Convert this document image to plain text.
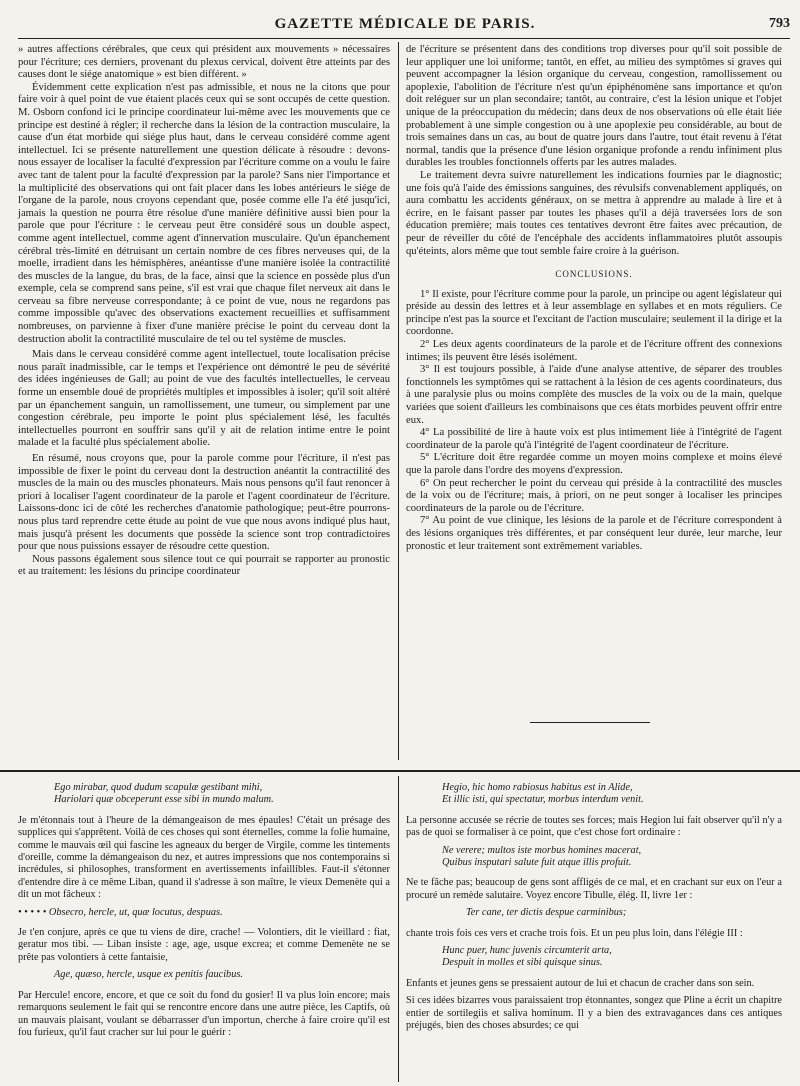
GAZETTE MÉDICALE DE PARIS.	793

» autres affections cérébrales, que ceux qui président aux mouvements » nécessaires pour l'écriture; ces derniers, provenant du plexus cervical, doivent être atteints par des causes dont le siége anatomique » est bien différent. »

Évidemment cette explication n'est pas admissible, et nous ne la citons que pour faire voir à quel point de vue étaient placés ceux qui se sont occupés de cette question. M. Osborn confond ici le principe coordinateur lui-même avec les mouvements que ce principe est destiné à régler; il recherche dans la lésion de la contraction musculaire, la cause d'un état morbide qui siége plus haut, dans le cerveau considéré comme agent intellectuel. Ici se présente naturellement une question délicate à résoudre : devons-nous essayer de localiser la faculté d'expression par l'écriture comme on a voulu le faire avec tant de talent pour la faculté d'expression par la parole? Sans nier l'importance et la multiplicité des observations qui ont fait placer dans les lobes antérieurs le siége de l'organe de la parole, nous croyons cependant que, posée comme elle l'a été jusqu'ici, jamais la question ne pourra être résolue d'une manière définitive aussi bien pour la parole que pour l'écriture : le cerveau peut être considéré sous un double aspect, comme agent intellectuel, comme agent d'innervation musculaire. Qu'un épanchement cérébral très-limité en détruisant un certain nombre de ces fibres nerveuses qui, de la moelle, irradient dans les hémisphères, anéantisse d'une manière isolée la contractilité des muscles de la langue, du bras, de la face, ainsi que la science en possède plus d'un exemple, cela se comprend sans peine, s'il est vrai que chaque filet nerveux ait dans le cerveau sa fibre nerveuse correspondante; à ce point de vue, nous ne regardons pas comme impossible qu'avec des observations exactement recueillies et suffisamment nombreuses, on parvienne à fixer d'une manière précise le point du cerveau dont la destruction abolit la contractilité musculaire de tel ou tel système de muscles.

Mais dans le cerveau considéré comme agent intellectuel, toute localisation précise nous paraît inadmissible, car le temps et l'expérience ont démontré le peu de sévérité des idées ingénieuses de Gall; au point de vue des facultés intellectuelles, le cerveau forme un ensemble doué de propriétés multiples et impossibles à isoler; qu'il soit altéré par un épanchement sanguin, un ramollissement, une tumeur, ou simplement par une congestion cérébrale, peu importe le point plus spécialement lésé, les facultés intellectuelles pourront en souffrir sans qu'il y ait de relation intime entre le point malade et la faculté plus spécialement abolie.

En résumé, nous croyons que, pour la parole comme pour l'écriture, il n'est pas impossible de fixer le point du cerveau dont la destruction anéantit la contractilité des muscles de la main ou des muscles phonateurs. Mais nous pensons qu'il faut renoncer à priori à localiser l'agent coordinateur de la parole et l'agent coordinateur de l'écriture. Laissons-donc ici de côté les recherches d'anatomie pathologique; peut-être pourrons-nous plus tard reprendre cette étude au point de vue que nous avons indiqué plus haut, mais jusqu'à présent les documents que possède la science sont trop contradictoires pour que nous puissions essayer de résoudre cette question.

Nous passons également sous silence tout ce qui pourrait se rapporter au pronostic et au traitement: les lésions du principe coordinateur

de l'écriture se présentent dans des conditions trop diverses pour qu'il soit possible de leur appliquer une loi uniforme; tantôt, en effet, au milieu des symptômes si graves qui peuvent accompagner la lésion organique du cerveau, congestion, ramollissement ou apoplexie, l'abolition de l'écriture n'est qu'un épiphénomène sans importance et qu'on doit reléguer sur un plan secondaire; tantôt, au contraire, c'est la lésion unique et l'objet unique de la préoccupation du médecin; dans deux de nos observations où elle était liée probablement à une simple congestion ou à une apoplexie peu considérable, au bout de trois semaines dans un cas, au bout de quatre jours dans l'autre, tout était revenu à l'état normal, tandis que la présence d'une lésion organique profonde a rendu infiniment plus durables les troubles fonctionnels offerts par les autres malades.

Le traitement devra suivre naturellement les indications fournies par le diagnostic; une fois qu'à l'aide des émissions sanguines, des révulsifs convenablement appliqués, on aura combattu les accidents généraux, on se mettra à apprendre au malade à lire et à écrire, en le faisant passer par toutes les phases qu'il a déjà traversées lors de son éducation première; mais toutes ces tentatives devront être faites avec précaution, de peur de réveiller du côté de l'encéphale des accidents inflammatoires plutôt assoupis qu'éteints, alors même que tout semble faire croire à la guérison.

CONCLUSIONS.

1° Il existe, pour l'écriture comme pour la parole, un principe ou agent législateur qui préside au dessin des lettres et à leur assemblage en syllabes et en mots réguliers. Ce principe n'est pas la source et l'excitant de l'action musculaire; seulement il la dirige et la coordonne.

2° Les deux agents coordinateurs de la parole et de l'écriture offrent des connexions intimes; ils peuvent être lésés isolément.

3° Il est toujours possible, à l'aide d'une analyse attentive, de séparer des troubles fonctionnels les symptômes qui se rattachent à la lésion de ces agents coordinateurs, dus à une paralysie plus ou moins complète des muscles de la voix ou de la main, quelque variées que soient d'ailleurs les combinaisons que ces états morbides peuvent offrir entre eux.

4° La possibilité de lire à haute voix est plus intimement liée à l'intégrité de l'agent coordinateur de la parole qu'à l'intégrité de l'agent coordinateur de l'écriture.

5° L'écriture doit être regardée comme un moyen moins complexe et moins élevé que la parole dans l'ordre des moyens d'expression.

6° On peut rechercher le point du cerveau qui préside à la contractilité des muscles de la voix ou de l'écriture; mais, à priori, on ne peut songer à localiser les principes coordinateurs de la parole ou de l'écriture.

7° Au point de vue clinique, les lésions de la parole et de l'écriture correspondent à des lésions organiques très différentes, et par conséquent leur durée, leur marche, leur pronostic et leur traitement sont extrêmement variables.

Ego mirabar, quod dudum scapulæ gestibant mihi,
Hariolari quæ obceperunt esse sibi in mundo malum.

Je m'étonnais tout à l'heure de la démangeaison de mes épaules! C'était un présage des supplices qui s'apprêtent. Voilà de ces choses qui sont éternelles, comme la folie humaine, comme le mauvais œil qui fascine les agneaux du berger de Virgile, comme les tintements d'oreille, comme la démangeaison du nez, et autres impressions que nos contemporains si incrédules, si philosophes, transforment en avertissements infaillibles. Faut-il s'étonner d'entendre dire à ce même Liban, quand il s'adresse à son maître, le vieux Demenète qui a dit un mot fâcheux :

• • • • • Obsecro, hercle, ut, quæ locutus, despuas.

Je t'en conjure, après ce que tu viens de dire, crache! — Volontiers, dit le vieillard : fiat, geratur mos tibi. — Liban insiste : age, age, usque excrea; et comme Demenète ne se prête pas volontiers à cette fantaisie,

Age, quæso, hercle, usque ex penitis faucibus.

Par Hercule! encore, encore, et que ce soit du fond du gosier! Il va plus loin encore; mais remarquons seulement le fait qui se rencontre encore dans une autre pièce, les Captifs, où un mauvais plaisant, voulant se débarrasser d'un importun, cherche à faire croire qu'il est fou furieux, qu'il faut cracher sur lui pour le guérir :

Hegio, hic homo rabiosus habitus est in Alide,
Et illic isti, qui spectatur, morbus interdum venit.

La personne accusée se récrie de toutes ses forces; mais Hegion lui fait observer qu'il n'y a pas de quoi se formaliser à ce point, que c'est chose fort ordinaire :

Ne verere; multos iste morbus homines macerat,
Quibus insputari salute fuit atque illis profuit.

Ne te fâche pas; beaucoup de gens sont affligés de ce mal, et en crachant sur eux on l'eur a procuré un remède salutaire. Voyez encore Tibulle, élég. II, livre 1er :

Ter cane, ter dictis despue carminibus;

chante trois fois ces vers et crache trois fois. Et un peu plus loin, dans l'élégie III :

Hunc puer, hunc juvenis circumterit arta,
Despuit in molles et sibi quisque sinus.

Enfants et jeunes gens se pressaient autour de lui et chacun de cracher dans son sein.

Si ces idées bizarres vous paraissaient trop étonnantes, songez que Pline a écrit un chapitre entier de sortilegiis et saliva hominum. Il y a bien des extravagances dans ces antiques préjugés, bien des choses absurdes; ce qui
